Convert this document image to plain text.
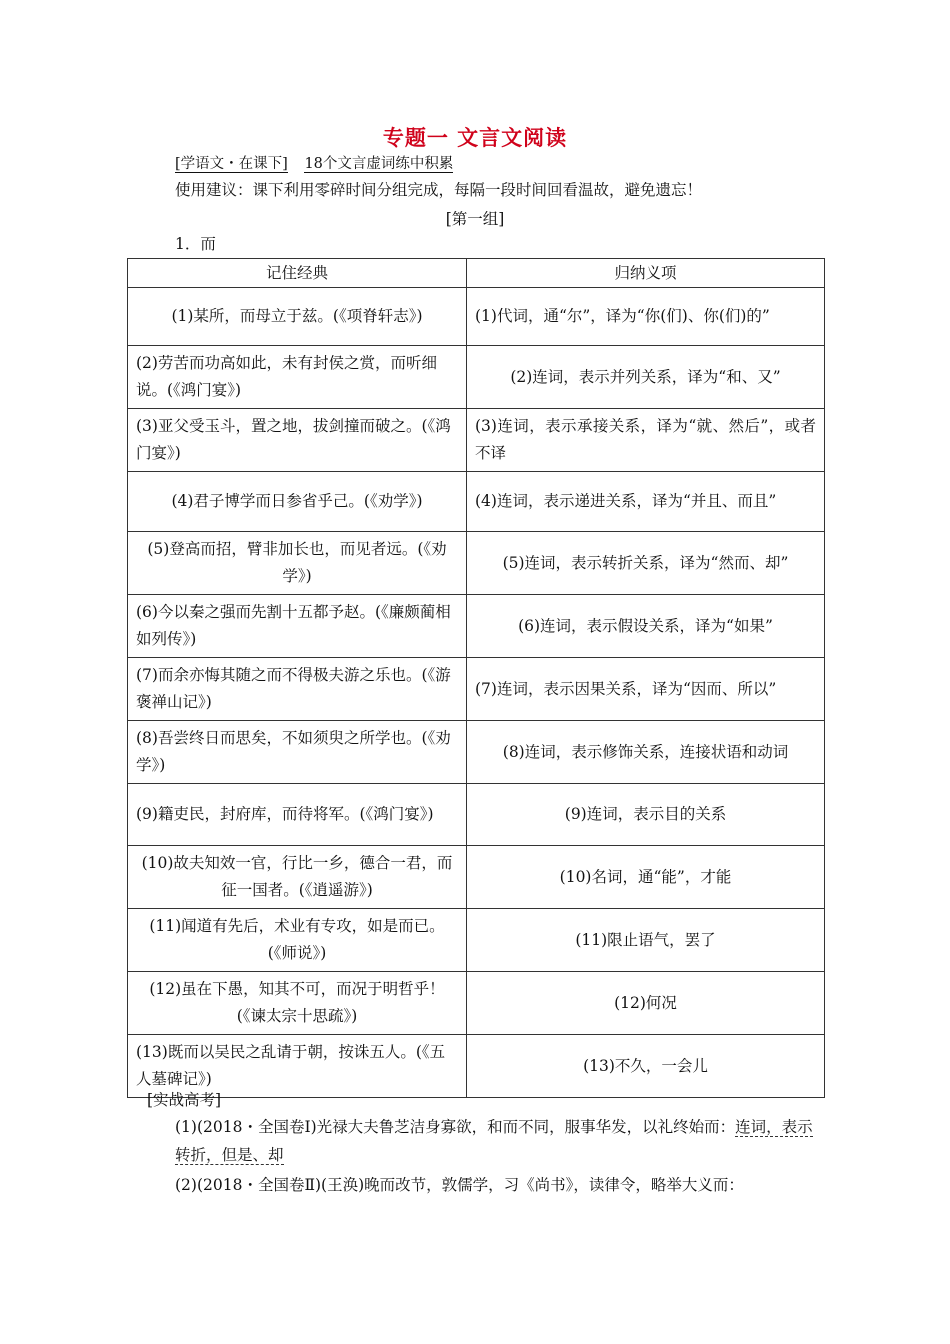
专题一 文言文阅读
[学语文・在课下] 18个文言虚词练中积累
使用建议：课下利用零碎时间分组完成，每隔一段时间回看温故，避免遗忘！
[第一组]
1．而
记住经典	归纳义项
(1)某所，而母立于兹。(《项脊轩志》)	(1)代词，通“尔”，译为“你(们)、你(们)的”
(2)劳苦而功高如此，未有封侯之赏，而听细说。(《鸿门宴》)	(2)连词，表示并列关系，译为“和、又”
(3)亚父受玉斗，置之地，拔剑撞而破之。(《鸿门宴》)	(3)连词，表示承接关系，译为“就、然后”，或者不译
(4)君子博学而日参省乎己。(《劝学》)	(4)连词，表示递进关系，译为“并且、而且”
(5)登高而招，臂非加长也，而见者远。(《劝学》)	(5)连词，表示转折关系，译为“然而、却”
(6)今以秦之强而先割十五都予赵。(《廉颇蔺相如列传》)	(6)连词，表示假设关系，译为“如果”
(7)而余亦悔其随之而不得极夫游之乐也。(《游褒禅山记》)	(7)连词，表示因果关系，译为“因而、所以”
(8)吾尝终日而思矣，不如须臾之所学也。(《劝学》)	(8)连词，表示修饰关系，连接状语和动词
(9)籍吏民，封府库，而待将军。(《鸿门宴》)	(9)连词，表示目的关系
(10)故夫知效一官，行比一乡，德合一君，而征一国者。(《逍遥游》)	(10)名词，通“能”，才能
(11)闻道有先后，术业有专攻，如是而已。(《师说》)	(11)限止语气，罢了
(12)虽在下愚，知其不可，而况于明哲乎！(《谏太宗十思疏》)	(12)何况
(13)既而以吴民之乱请于朝，按诛五人。(《五人墓碑记》)	(13)不久，一会儿
[实战高考]
(1)(2018・全国卷Ⅰ)光禄大夫鲁芝洁身寡欲，和而不同，服事华发，以礼终始而：连词，表示转折，但是、却
(2)(2018・全国卷Ⅱ)(王涣)晚而改节，敦儒学，习《尚书》，读律令，略举大义而：
